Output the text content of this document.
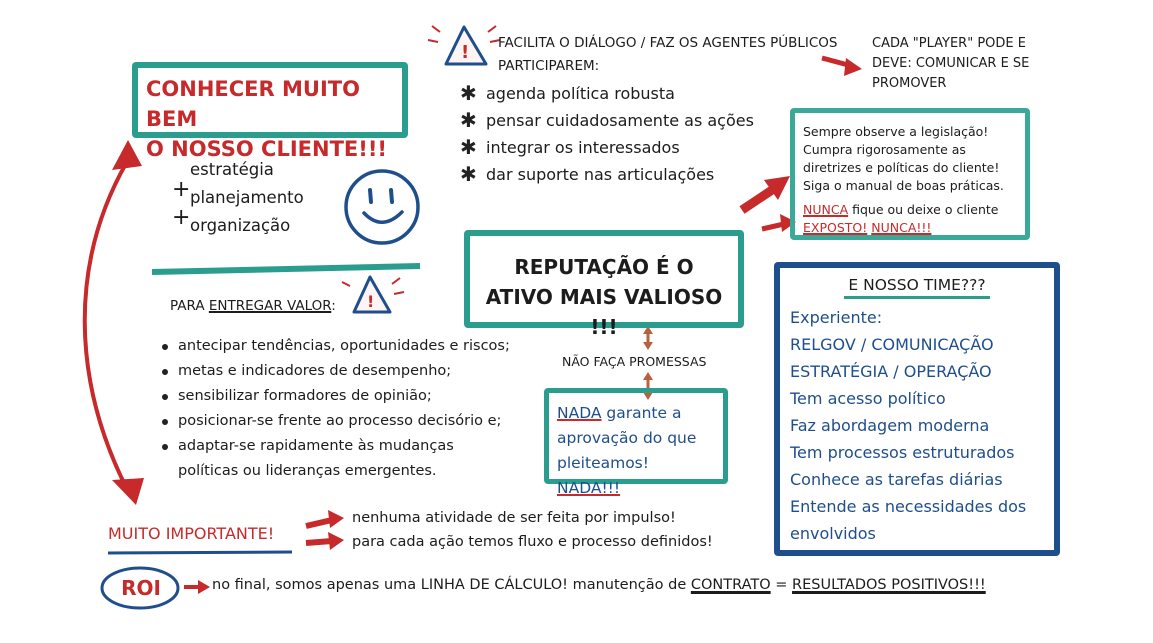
!
!
CONHECER MUITO BEM
O NOSSO CLIENTE!!!
estratégia
+ planejamento
+ organização
FACILITA O DIÁLOGO / FAZ OS AGENTES PÚBLICOS
PARTICIPAREM:
✱ agenda política robusta
✱ pensar cuidadosamente as ações
✱ integrar os interessados
✱ dar suporte nas articulações
CADA "PLAYER" PODE E
DEVE: COMUNICAR E SE
PROMOVER
Sempre observe a legislação!
Cumpra rigorosamente as
diretrizes e políticas do cliente!
Siga o manual de boas práticas.
NUNCA fique ou deixe o cliente
EXPOSTO! NUNCA!!!
REPUTAÇÃO É O
ATIVO MAIS VALIOSO !!!
PARA ENTREGAR VALOR:
antecipar tendências, oportunidades e riscos;
metas e indicadores de desempenho;
sensibilizar formadores de opinião;
posicionar-se frente ao processo decisório e;
adaptar-se rapidamente às mudanças
políticas ou lideranças emergentes.
NÃO FAÇA PROMESSAS
NADA garante a
aprovação do que
pleiteamos! NADA!!!
E NOSSO TIME???
Experiente:
RELGOV / COMUNICAÇÃO
ESTRATÉGIA / OPERAÇÃO
Tem acesso político
Faz abordagem moderna
Tem processos estruturados
Conhece as tarefas diárias
Entende as necessidades dos
envolvidos
MUITO IMPORTANTE!
nenhuma atividade de ser feita por impulso!
para cada ação temos fluxo e processo definidos!
ROI	no final, somos apenas uma LINHA DE CÁLCULO! manutenção de CONTRATO = RESULTADOS POSITIVOS!!!
